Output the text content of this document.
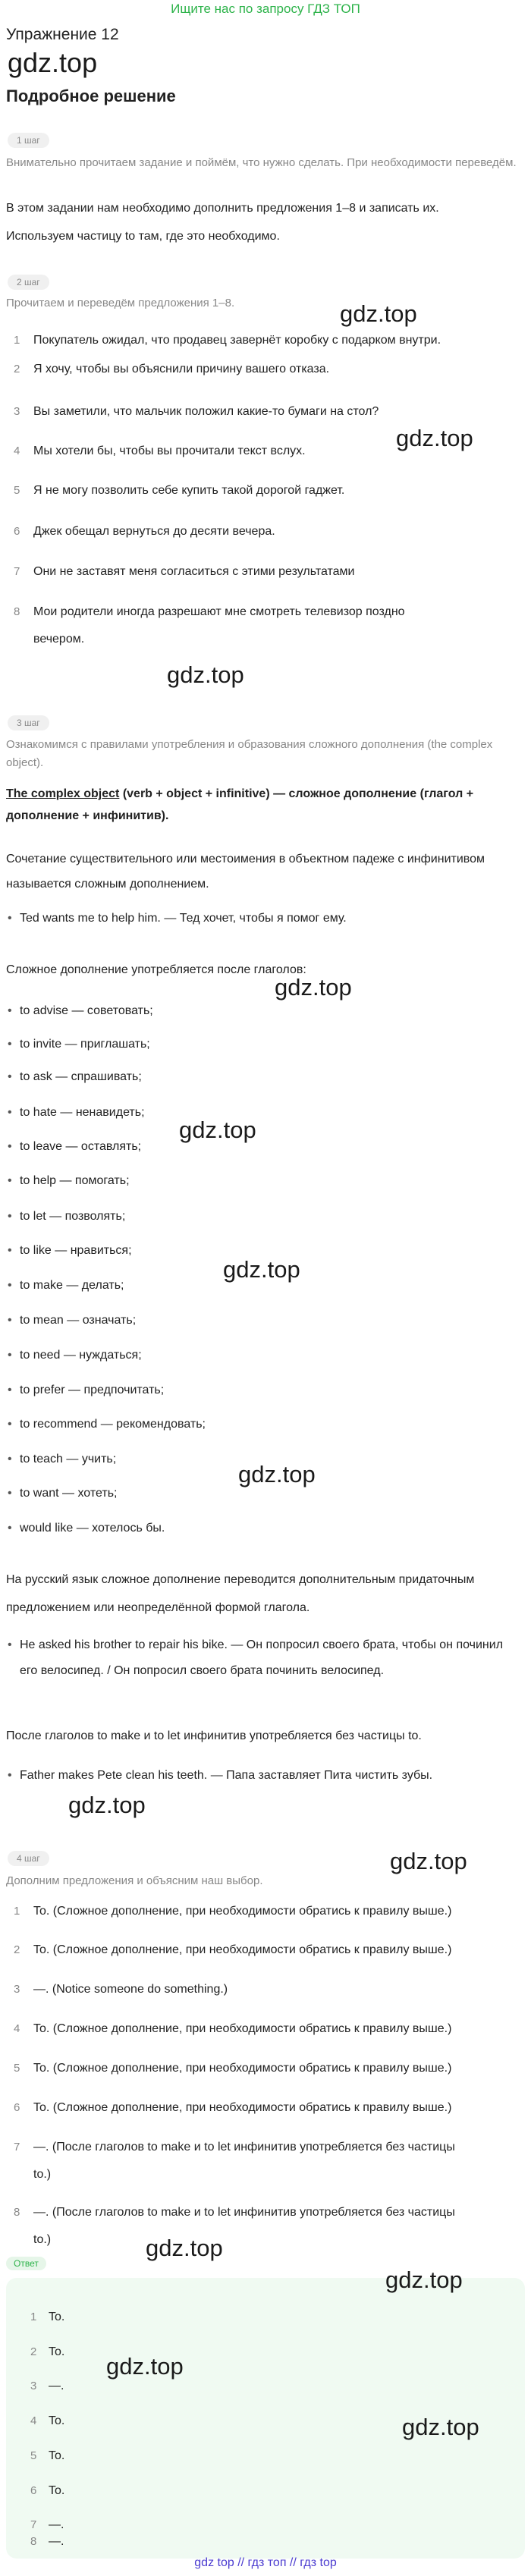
Ищите нас по запросу ГДЗ ТОП
Упражнение 12
gdz.top
Подробное решение
1 шаг
Внимательно прочитаем задание и поймём, что нужно сделать. При необходимости переведём.
В этом задании нам необходимо дополнить предложения 1–8 и записать их.
Используем частицу to там, где это необходимо.
2 шаг
Прочитаем и переведём предложения 1–8.	gdz.top
1 Покупатель ожидал, что продавец завернёт коробку с подарком внутри.
2 Я хочу, чтобы вы объяснили причину вашего отказа.
3 Вы заметили, что мальчик положил какие-то бумаги на стол?
gdz.top
4 Мы хотели бы, чтобы вы прочитали текст вслух.
5 Я не могу позволить себе купить такой дорогой гаджет.
6 Джек обещал вернуться до десяти вечера.
7 Они не заставят меня согласиться с этими результатами
8 Мои родители иногда разрешают мне смотреть телевизор поздно
вечером.
gdz.top
3 шаг
Ознакомимся с правилами употребления и образования сложного дополнения (the complex object).
The complex object (verb + object + infinitive) — сложное дополнение (глагол + дополнение + инфинитив).
Сочетание существительного или местоимения в объектном падеже с инфинитивом называется сложным дополнением.
• Ted wants me to help him. — Тед хочет, чтобы я помог ему.
Сложное дополнение употребляется после глаголов:
gdz.top
• to advise — советовать;
• to invite — приглашать;
• to ask — спрашивать;
• to hate — ненавидеть;
gdz.top
• to leave — оставлять;
• to help — помогать;
• to let — позволять;
• to like — нравиться;
gdz.top
• to make — делать;
• to mean — означать;
• to need — нуждаться;
• to prefer — предпочитать;
• to recommend — рекомендовать;
• to teach — учить;
gdz.top
• to want — хотеть;
• would like — хотелось бы.
На русский язык сложное дополнение переводится дополнительным придаточным предложением или неопределённой формой глагола.
• He asked his brother to repair his bike. — Он попросил своего брата, чтобы он починил его велосипед. / Он попросил своего брата починить велосипед.
После глаголов to make и to let инфинитив употребляется без частицы to.
• Father makes Pete clean his teeth. — Папа заставляет Пита чистить зубы.
gdz.top
4 шаг	gdz.top
Дополним предложения и объясним наш выбор.
1 To. (Сложное дополнение, при необходимости обратись к правилу выше.)
2 To. (Сложное дополнение, при необходимости обратись к правилу выше.)
3 —. (Notice someone do something.)
4 To. (Сложное дополнение, при необходимости обратись к правилу выше.)
5 To. (Сложное дополнение, при необходимости обратись к правилу выше.)
6 To. (Сложное дополнение, при необходимости обратись к правилу выше.)
7 —. (После глаголов to make и to let инфинитив употребляется без частицы
to.)
8 —. (После глаголов to make и to let инфинитив употребляется без частицы
to.)	gdz.top
Ответ
gdz.top
1 To.
2 To.
gdz.top
3 —.
4 To.	gdz.top
5 To.
6 To.
7 —.
8 —.
gdz top // гдз топ // гдз top
